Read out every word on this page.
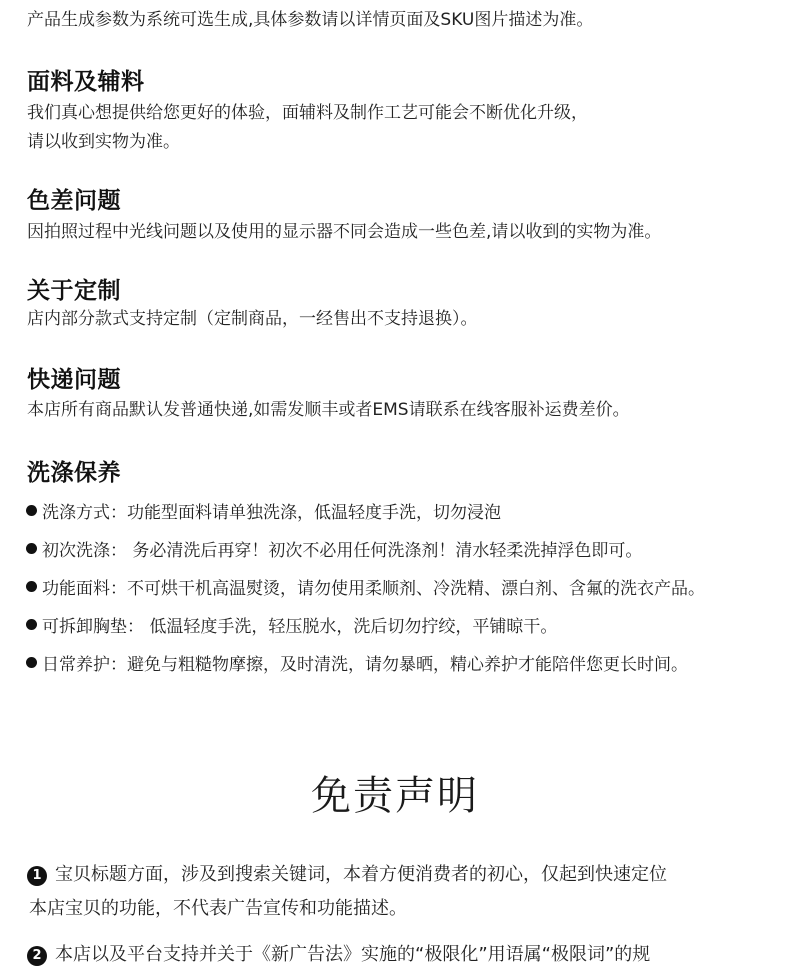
产品生成参数为系统可选生成,具体参数请以详情页面及SKU图片描述为准。
面料及辅料
我们真心想提供给您更好的体验，面辅料及制作工艺可能会不断优化升级，
请以收到实物为准。
色差问题
因拍照过程中光线问题以及使用的显示器不同会造成一些色差,请以收到的实物为准。
关于定制
店内部分款式支持定制（定制商品，一经售出不支持退换）。
快递问题
本店所有商品默认发普通快递,如需发顺丰或者EMS请联系在线客服补运费差价。
洗涤保养
洗涤方式：功能型面料请单独洗涤，低温轻度手洗，切勿浸泡
初次洗涤： 务必清洗后再穿！初次不必用任何洗涤剂！清水轻柔洗掉浮色即可。
功能面料：不可烘干机高温熨烫，请勿使用柔顺剂、冷洗精、漂白剂、含氟的洗衣产品。
可拆卸胸垫： 低温轻度手洗，轻压脱水，洗后切勿拧绞，平铺晾干。
日常养护：避免与粗糙物摩擦，及时清洗，请勿暴晒，精心养护才能陪伴您更长时间。
免责声明
1 宝贝标题方面，涉及到搜索关键词，本着方便消费者的初心，仅起到快速定位
本店宝贝的功能，不代表广告宣传和功能描述。
2 本店以及平台支持并关于《新广告法》实施的“极限化”用语属“极限词”的规
